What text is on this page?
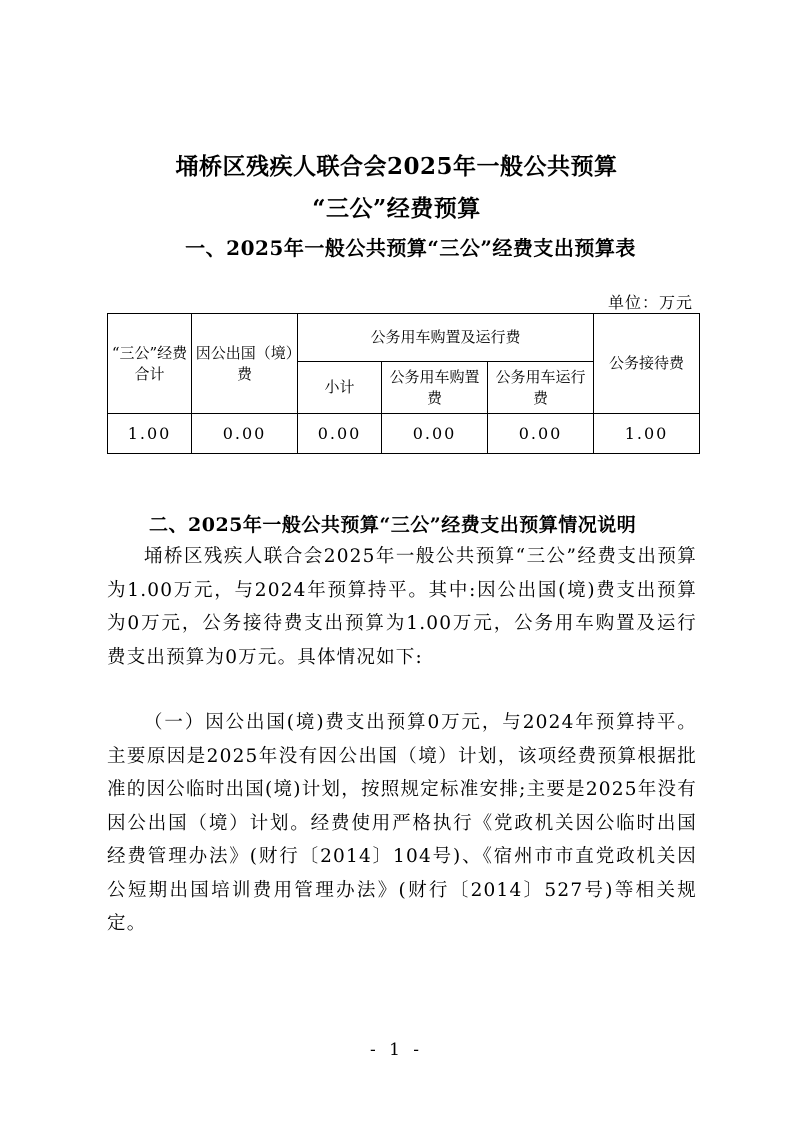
埇桥区残疾人联合会2025年一般公共预算
“三公”经费预算
一、2025年一般公共预算“三公”经费支出预算表
单位：万元
“三公”经费合计	因公出国（境）费	公务用车购置及运行费			公务接待费
		小计	公务用车购置费	公务用车运行费	
1.00	0.00	0.00	0.00	0.00	1.00
二、2025年一般公共预算“三公”经费支出预算情况说明

埇桥区残疾人联合会2025年一般公共预算“三公”经费支出预算为1.00万元，与2024年预算持平。其中:因公出国(境)费支出预算为0万元，公务接待费支出预算为1.00万元，公务用车购置及运行费支出预算为0万元。具体情况如下:

（一）因公出国(境)费支出预算0万元，与2024年预算持平。主要原因是2025年没有因公出国（境）计划，该项经费预算根据批准的因公临时出国(境)计划，按照规定标准安排;主要是2025年没有因公出国（境）计划。经费使用严格执行《党政机关因公临时出国经费管理办法》(财行〔2014〕104号)、《宿州市市直党政机关因公短期出国培训费用管理办法》(财行〔2014〕527号)等相关规定。

- 1 -
